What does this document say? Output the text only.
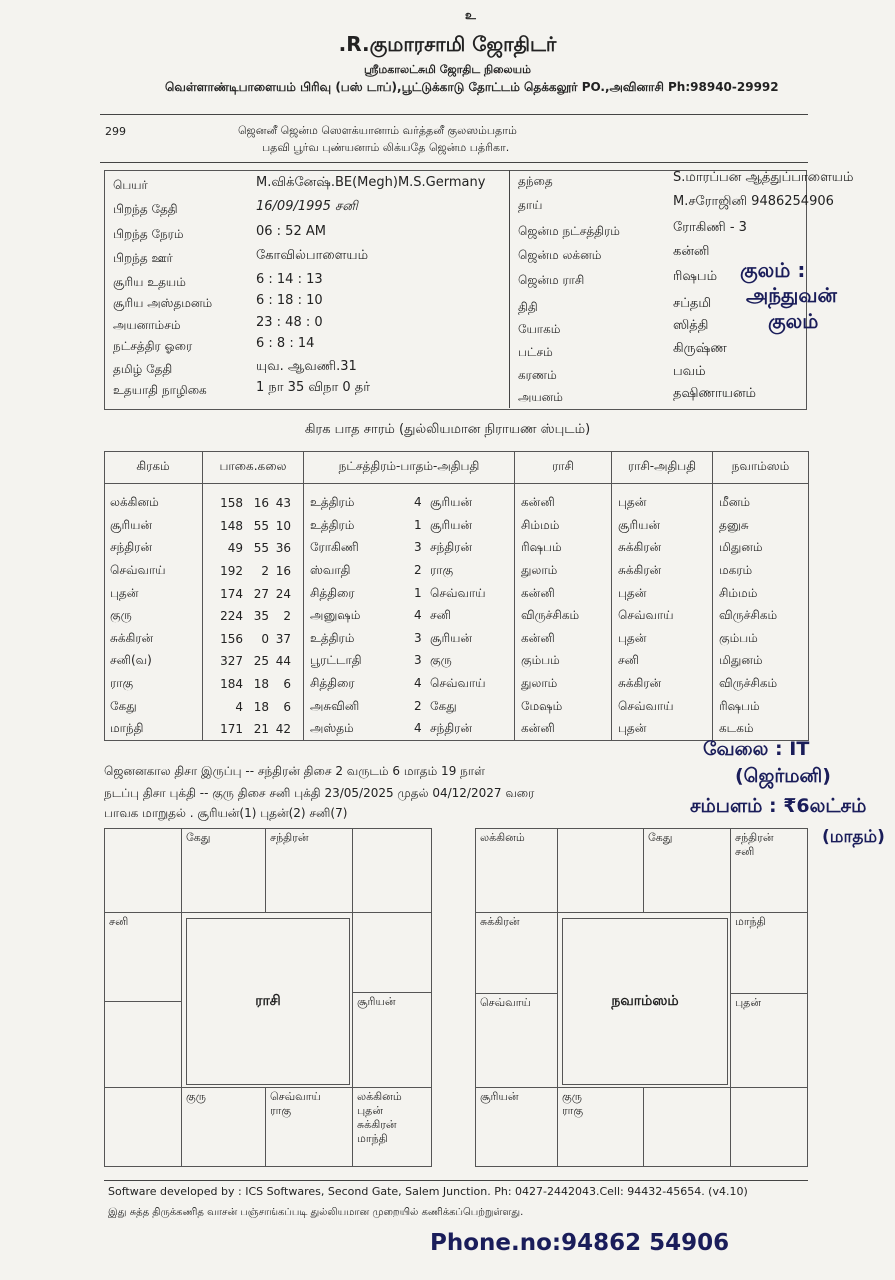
உ
.R.குமாரசாமி ஜோதிடர்
ஸ்ரீமகாலட்சுமி ஜோதிட நிலையம்
வெள்ளாண்டிபாளையம் பிரிவு (பஸ் டாப்),பூட்டுக்காடு தோட்டம் தெக்கலூர் PO.,அவினாசி Ph:98940-29992
299	ஜெனனீ ஜென்ம ஸௌக்யானாம் வர்த்தனீ குலஸம்பதாம்
பதவி பூர்வ புண்யனாம் லிக்யதே ஜென்ம பத்ரிகா.
பெயர்	M.விக்னேஷ்.BE(Megh)M.S.Germany
பிறந்த தேதி	16/09/1995 சனி
பிறந்த நேரம்	06 : 52 AM
பிறந்த ஊர்	கோவில்பாளையம்
சூரிய உதயம்	6 : 14 : 13
சூரிய அஸ்தமனம்	6 : 18 : 10
அயனாம்சம்	23 : 48 : 0
நட்சத்திர ஓரை	6 : 8 : 14
தமிழ் தேதி	யுவ. ஆவணி.31
உதயாதி நாழிகை	1 நா 35 விநா 0 தர்
தந்தை	S.மாரப்பன ஆத்துப்பாளையம்
தாய்	M.சரோஜினி 9486254906
ஜென்ம நட்சத்திரம்	ரோகிணி - 3
ஜென்ம லக்னம்	கன்னி
ஜென்ம ராசி	ரிஷபம்
திதி	சப்தமி
யோகம்	ஸித்தி
பட்சம்	கிருஷ்ண
கரணம்	பவம்
அயனம்	தஷிணாயனம்
குலம் :
அந்துவன்
குலம்
கிரக பாத சாரம் (துல்லியமான நிராயண ஸ்புடம்)
கிரகம்	பாகை.கலை	நட்சத்திரம்-பாதம்-அதிபதி	ராசி	ராசி-அதிபதி	நவாம்ஸம்
லக்கினம்	158 16 43	உத்திரம் 4 சூரியன்	கன்னி	புதன்	மீனம்
சூரியன்	148 55 10	உத்திரம் 1 சூரியன்	சிம்மம்	சூரியன்	தனுசு
சந்திரன்	49 55 36	ரோகிணி 3 சந்திரன்	ரிஷபம்	சுக்கிரன்	மிதுனம்
செவ்வாய்	192 2 16	ஸ்வாதி 2 ராகு	துலாம்	சுக்கிரன்	மகரம்
புதன்	174 27 24	சித்திரை 1 செவ்வாய்	கன்னி	புதன்	சிம்மம்
குரு	224 35 2	அனுஷம் 4 சனி	விருச்சிகம்	செவ்வாய்	விருச்சிகம்
சுக்கிரன்	156 0 37	உத்திரம் 3 சூரியன்	கன்னி	புதன்	கும்பம்
சனி(வ)	327 25 44	பூரட்டாதி 3 குரு	கும்பம்	சனி	மிதுனம்
ராகு	184 18 6	சித்திரை 4 செவ்வாய்	துலாம்	சுக்கிரன்	விருச்சிகம்
கேது	4 18 6	அசுவினி 2 கேது	மேஷம்	செவ்வாய்	ரிஷபம்
மாந்தி	171 21 42	அஸ்தம் 4 சந்திரன்	கன்னி	புதன்	கடகம்
ஜெனனகால திசா இருப்பு -- சந்திரன் திசை 2 வருடம் 6 மாதம் 19 நாள்
நடப்பு திசா புக்தி -- குரு திசை சனி புக்தி 23/05/2025 முதல் 04/12/2027 வரை
பாவக மாறுதல் . சூரியன்(1) புதன்(2) சனி(7)
வேலை : IT
(ஜெர்மனி)
சம்பளம் : ₹6லட்சம்
(மாதம்)
கேது	சந்திரன்
சனி
சூரியன்
ராசி
குரு	செவ்வாய்
ராகு
லக்கினம்
புதன்
சுக்கிரன்
மாந்தி
லக்கினம்	கேது	சந்திரன்
சனி
சுக்கிரன்
செவ்வாய்
மாந்தி
புதன்
நவாம்ஸம்
சூரியன்	குரு
ராகு
Software developed by : ICS Softwares, Second Gate, Salem Junction. Ph: 0427-2442043.Cell: 94432-45654. (v4.10)
இது சுத்த திருக்கணித வாசன் பஞ்சாங்கப்படி துல்லியமான முறையில் கணிக்கப்பெற்றுள்ளது.
Phone.no:94862 54906
